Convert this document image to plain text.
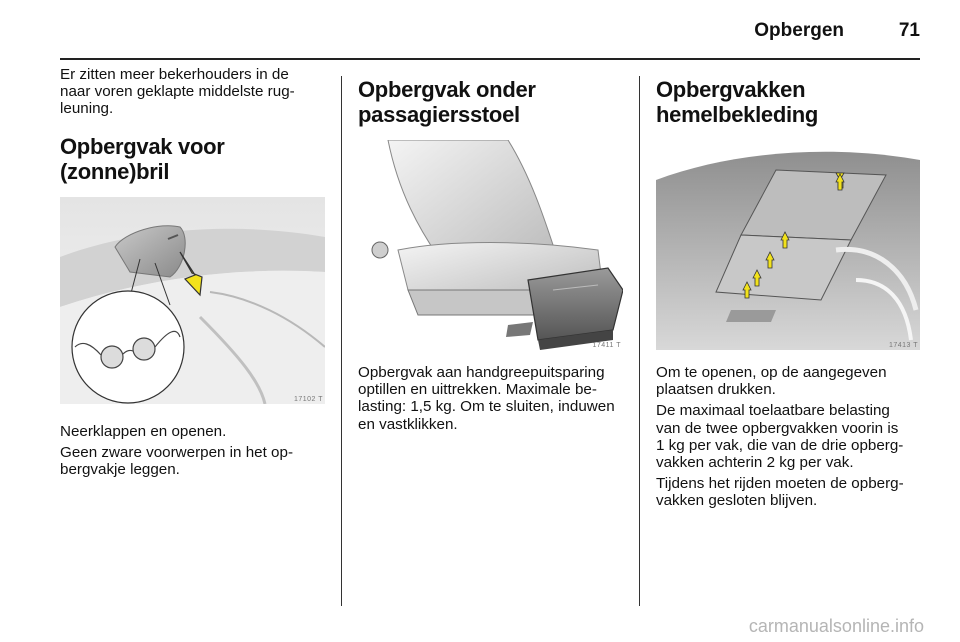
Opbergen	71

Er zitten meer bekerhouders in de
naar voren geklapte middelste rug-
leuning.

Opbergvak voor
(zonne)bril
17102 T

Neerklappen en openen.

Geen zware voorwerpen in het op-
bergvakje leggen.

Opbergvak onder
passagiersstoel
17411 T

Opbergvak aan handgreepuitsparing
optillen en uittrekken. Maximale be-
lasting: 1,5 kg. Om te sluiten, induwen
en vastklikken.

Opbergvakken
hemelbekleding
17413 T

Om te openen, op de aangegeven
plaatsen drukken.

De maximaal toelaatbare belasting
van de twee opbergvakken voorin is
1 kg per vak, die van de drie opberg-
vakken achterin 2 kg per vak.

Tijdens het rijden moeten de opberg-
vakken gesloten blijven.

carmanualsonline.info
